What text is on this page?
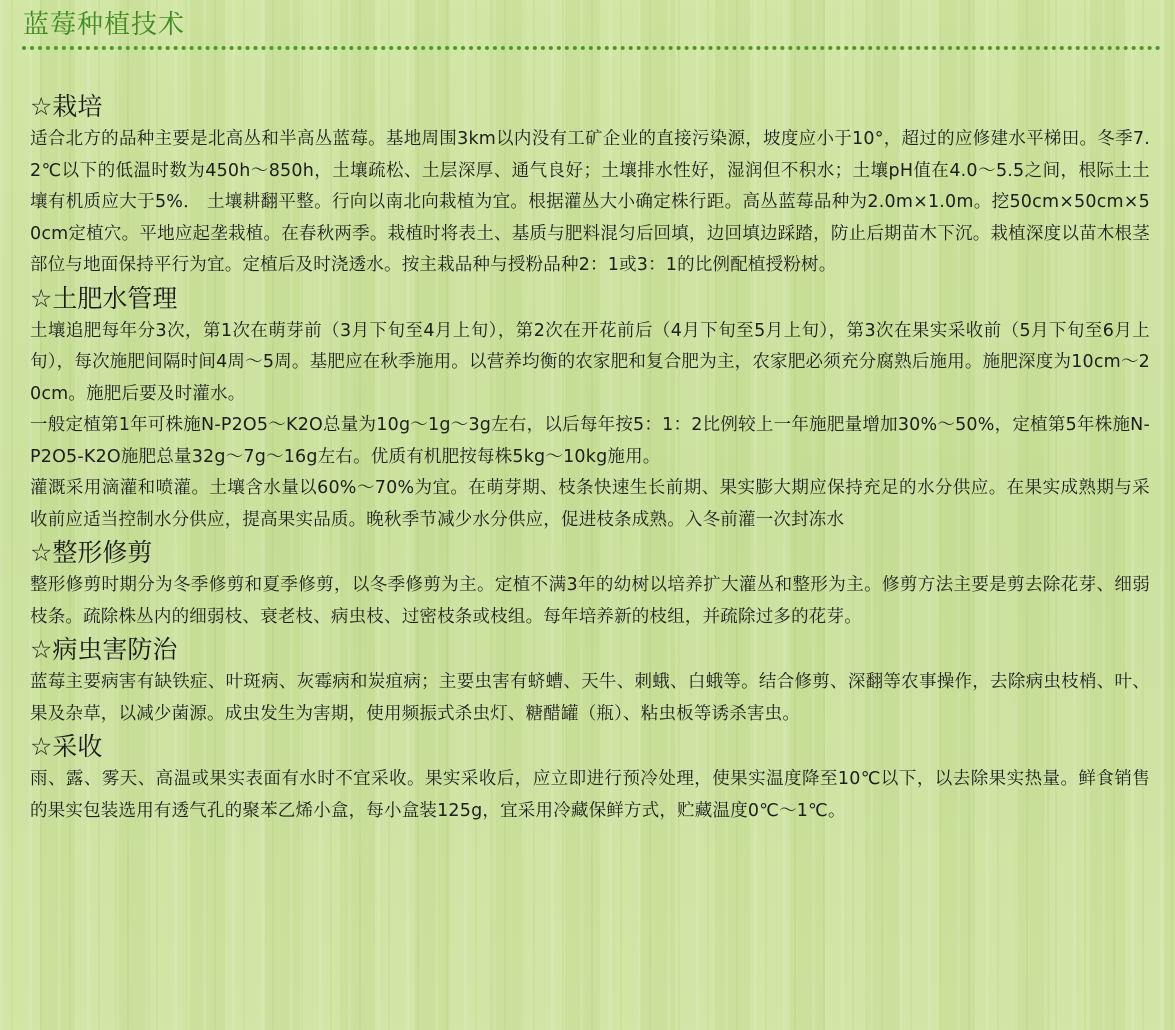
蓝莓种植技术
☆栽培

适合北方的品种主要是北高丛和半高丛蓝莓。基地周围3km以内没有工矿企业的直接污染源，坡度应小于10°，超过的应修建水平梯田。冬季7.2℃以下的低温时数为450h～850h，土壤疏松、土层深厚、通气良好；土壤排水性好，湿润但不积水；土壤pH值在4.0～5.5之间，根际土土壤有机质应大于5%． 土壤耕翻平整。行向以南北向栽植为宜。根据灌丛大小确定株行距。高丛蓝莓品种为2.0m×1.0m。挖50cm×50cm×50cm定植穴。平地应起垄栽植。在春秋两季。栽植时将表土、基质与肥料混匀后回填，边回填边踩踏，防止后期苗木下沉。栽植深度以苗木根茎部位与地面保持平行为宜。定植后及时浇透水。按主栽品种与授粉品种2：1或3：1的比例配植授粉树。

☆土肥水管理

土壤追肥每年分3次，第1次在萌芽前（3月下旬至4月上旬），第2次在开花前后（4月下旬至5月上旬），第3次在果实采收前（5月下旬至6月上旬），每次施肥间隔时间4周～5周。基肥应在秋季施用。以营养均衡的农家肥和复合肥为主，农家肥必须充分腐熟后施用。施肥深度为10cm～20cm。施肥后要及时灌水。

一般定植第1年可株施N-P2O5～K2O总量为10g～1g～3g左右，以后每年按5：1：2比例较上一年施肥量增加30%～50%，定植第5年株施N-P2O5-K2O施肥总量32g～7g～16g左右。优质有机肥按每株5kg～10kg施用。

灌溉采用滴灌和喷灌。土壤含水量以60%～70%为宜。在萌芽期、枝条快速生长前期、果实膨大期应保持充足的水分供应。在果实成熟期与采收前应适当控制水分供应，提高果实品质。晚秋季节减少水分供应，促进枝条成熟。入冬前灌一次封冻水

☆整形修剪

整形修剪时期分为冬季修剪和夏季修剪，以冬季修剪为主。定植不满3年的幼树以培养扩大灌丛和整形为主。修剪方法主要是剪去除花芽、细弱枝条。疏除株丛内的细弱枝、衰老枝、病虫枝、过密枝条或枝组。每年培养新的枝组，并疏除过多的花芽。

☆病虫害防治

蓝莓主要病害有缺铁症、叶斑病、灰霉病和炭疽病；主要虫害有蛴螬、天牛、刺蛾、白蛾等。结合修剪、深翻等农事操作，去除病虫枝梢、叶、果及杂草，以减少菌源。成虫发生为害期，使用频振式杀虫灯、糖醋罐（瓶）、粘虫板等诱杀害虫。

☆采收

雨、露、雾天、高温或果实表面有水时不宜采收。果实采收后，应立即进行预冷处理，使果实温度降至10℃以下，以去除果实热量。鲜食销售的果实包装选用有透气孔的聚苯乙烯小盒，每小盒装125g，宜采用冷藏保鲜方式，贮藏温度0℃～1℃。
